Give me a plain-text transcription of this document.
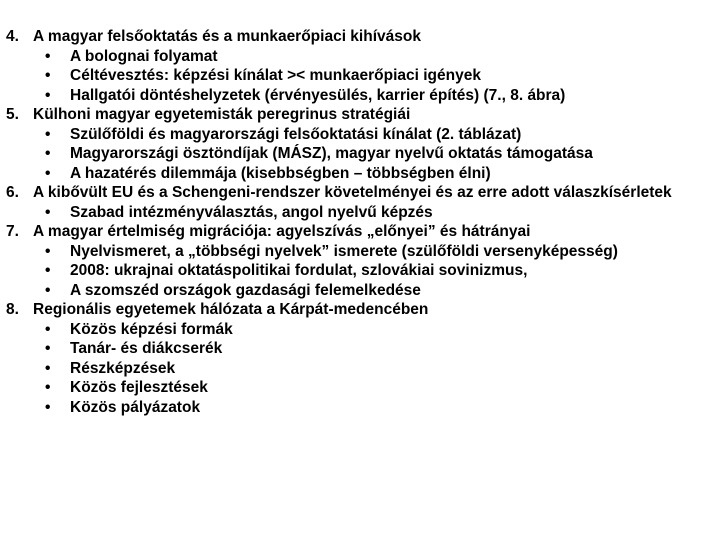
4. A magyar felsőoktatás és a munkaerőpiaci kihívások
• A bolognai folyamat
• Céltévesztés: képzési kínálat >< munkaerőpiaci igények
• Hallgatói döntéshelyzetek (érvényesülés, karrier építés) (7., 8. ábra)
5. Külhoni magyar egyetemisták peregrinus stratégiái
• Szülőföldi és magyarországi felsőoktatási kínálat (2. táblázat)
• Magyarországi ösztöndíjak (MÁSZ), magyar nyelvű oktatás támogatása
• A hazatérés dilemmája (kisebbségben – többségben élni)
6. A kibővült EU és a Schengeni-rendszer követelményei és az erre adott válaszkísérletek
• Szabad intézményválasztás, angol nyelvű képzés
7. A magyar értelmiség migrációja: agyelszívás „előnyei” és hátrányai
• Nyelvismeret, a „többségi nyelvek” ismerete (szülőföldi versenyképesség)
• 2008: ukrajnai oktatáspolitikai fordulat, szlovákiai sovinizmus,
• A szomszéd országok gazdasági felemelkedése
8. Regionális egyetemek hálózata a Kárpát-medencében
• Közös képzési formák
• Tanár- és diákcserék
• Részképzések
• Közös fejlesztések
• Közös pályázatok
